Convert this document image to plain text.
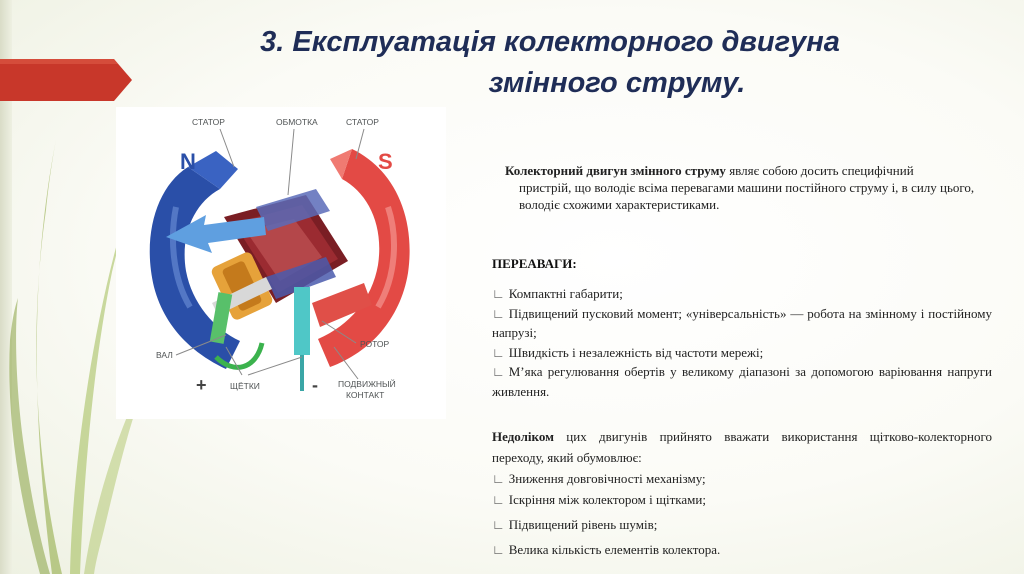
3. Експлуатація колекторного двигуна
змінного струму.
СТАТОР	ОБМОТКА	СТАТОР
N	S
ВАЛ
РОТОР
+	-
ЩЁТКИ	ПОДВИЖНЫЙ
КОНТАКТ
Колекторний двигун змінного струму являє собою досить специфічний
пристрій, що володіє всіма перевагами машини постійного струму і, в силу цього, володіє схожими характеристиками.
ПЕРЕАВАГИ:
∟ Компактні габарити;
∟ Підвищений пусковий момент; «універсальність» — робота на змінному і постійному напрузі;
∟ Швидкість і незалежність від частоти мережі;
∟ М’яка регулювання обертів у великому діапазоні за допомогою варіювання напруги живлення.
Недоліком цих двигунів прийнято вважати використання щітково-колекторного переходу, який обумовлює:
∟ Зниження довговічності механізму;
∟ Іскріння між колектором і щітками;
∟ Підвищений рівень шумів;
∟ Велика кількість елементів колектора.
